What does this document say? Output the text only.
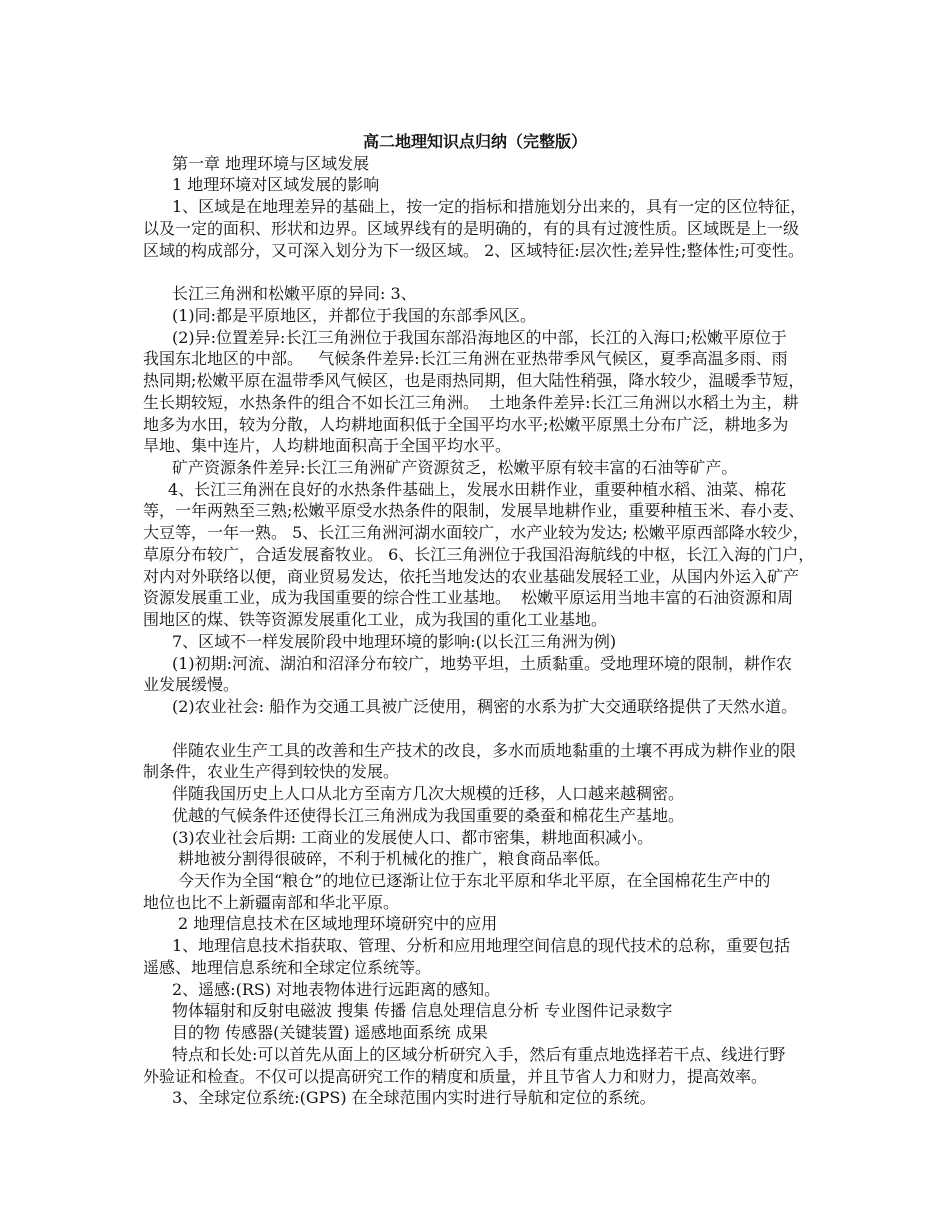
高二地理知识点归纳（完整版）
第一章 地理环境与区域发展
1 地理环境对区域发展的影响
1、区域是在地理差异的基础上，按一定的指标和措施划分出来的，具有一定的区位特征，
以及一定的面积、形状和边界。区域界线有的是明确的，有的具有过渡性质。区域既是上一级
区域的构成部分，又可深入划分为下一级区域。 2、区域特征:层次性;差异性;整体性;可变性。
长江三角洲和松嫩平原的异同: 3、
(1)同:都是平原地区，并都位于我国的东部季风区。
(2)异:位置差异:长江三角洲位于我国东部沿海地区的中部，长江的入海口;松嫩平原位于
我国东北地区的中部。   气候条件差异:长江三角洲在亚热带季风气候区，夏季高温多雨、雨
热同期;松嫩平原在温带季风气候区，也是雨热同期，但大陆性稍强，降水较少，温暖季节短，
生长期较短，水热条件的组合不如长江三角洲。  土地条件差异:长江三角洲以水稻土为主，耕
地多为水田，较为分散，人均耕地面积低于全国平均水平;松嫩平原黑土分布广泛，耕地多为
旱地、集中连片，人均耕地面积高于全国平均水平。
矿产资源条件差异:长江三角洲矿产资源贫乏，松嫩平原有较丰富的石油等矿产。
4、长江三角洲在良好的水热条件基础上，发展水田耕作业，重要种植水稻、油菜、棉花
等，一年两熟至三熟;松嫩平原受水热条件的限制，发展旱地耕作业，重要种植玉米、春小麦、
大豆等，一年一熟。 5、长江三角洲河湖水面较广，水产业较为发达; 松嫩平原西部降水较少，
草原分布较广，合适发展畜牧业。 6、长江三角洲位于我国沿海航线的中枢，长江入海的门户，
对内对外联络以便，商业贸易发达，依托当地发达的农业基础发展轻工业，从国内外运入矿产
资源发展重工业，成为我国重要的综合性工业基地。  松嫩平原运用当地丰富的石油资源和周
围地区的煤、铁等资源发展重化工业，成为我国的重化工业基地。
7、区域不一样发展阶段中地理环境的影响:(以长江三角洲为例)
(1)初期:河流、湖泊和沼泽分布较广，地势平坦，土质黏重。受地理环境的限制，耕作农
业发展缓慢。
(2)农业社会: 船作为交通工具被广泛使用，稠密的水系为扩大交通联络提供了天然水道。
伴随农业生产工具的改善和生产技术的改良，多水而质地黏重的土壤不再成为耕作业的限
制条件，农业生产得到较快的发展。
伴随我国历史上人口从北方至南方几次大规模的迁移，人口越来越稠密。
优越的气候条件还使得长江三角洲成为我国重要的桑蚕和棉花生产基地。
(3)农业社会后期: 工商业的发展使人口、都市密集，耕地面积减小。
耕地被分割得很破碎，不利于机械化的推广，粮食商品率低。
今天作为全国“粮仓”的地位已逐渐让位于东北平原和华北平原，在全国棉花生产中的
地位也比不上新疆南部和华北平原。
2 地理信息技术在区域地理环境研究中的应用
1、地理信息技术指获取、管理、分析和应用地理空间信息的现代技术的总称，重要包括
遥感、地理信息系统和全球定位系统等。
2、遥感:(RS) 对地表物体进行远距离的感知。
物体辐射和反射电磁波 搜集 传播 信息处理信息分析 专业图件记录数字
目的物 传感器(关键装置) 遥感地面系统 成果
特点和长处:可以首先从面上的区域分析研究入手，然后有重点地选择若干点、线进行野
外验证和检查。不仅可以提高研究工作的精度和质量，并且节省人力和财力，提高效率。
3、全球定位系统:(GPS) 在全球范围内实时进行导航和定位的系统。
